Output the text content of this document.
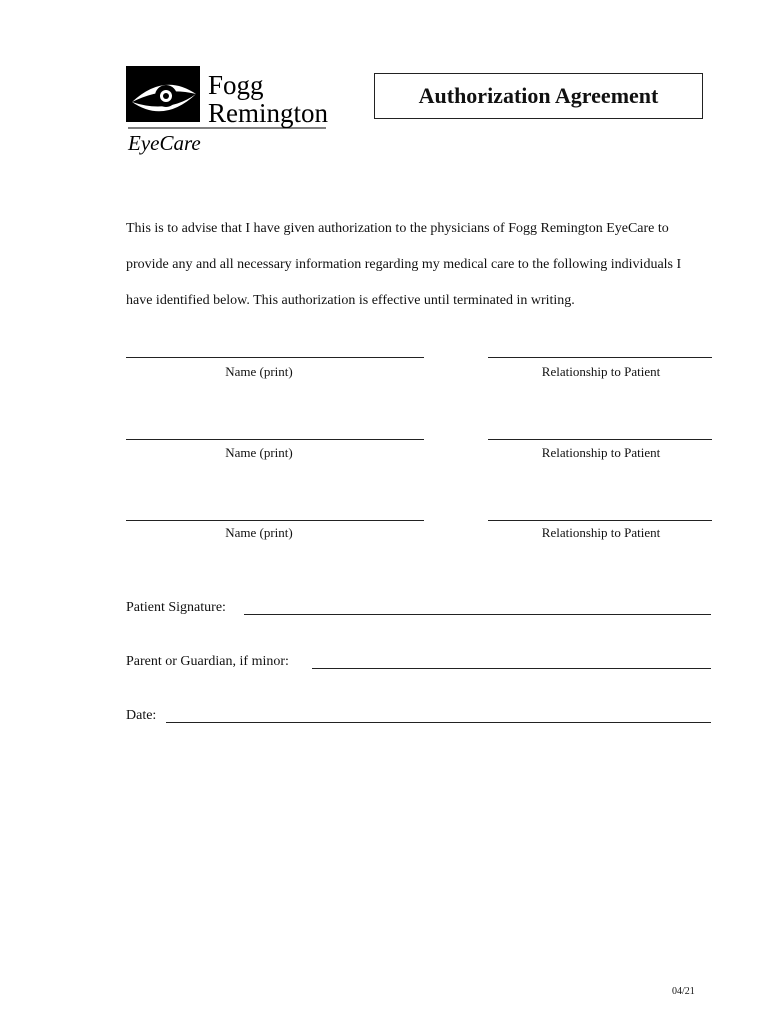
Fogg
Remington
EyeCare
Authorization Agreement
This is to advise that I have given authorization to the physicians of Fogg Remington EyeCare to
provide any and all necessary information regarding my medical care to the following individuals I
have identified below. This authorization is effective until terminated in writing.
Name (print)	Relationship to Patient
Name (print)	Relationship to Patient
Name (print)	Relationship to Patient
Patient Signature:
Parent or Guardian, if minor:
Date:
04/21
